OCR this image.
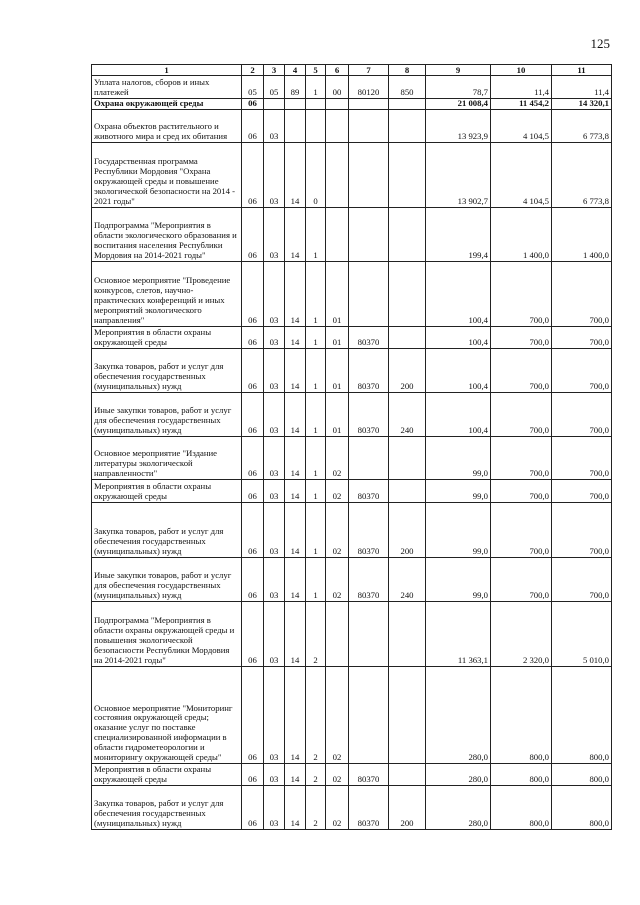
125
1	2	3	4	5	6	7	8	9	10	11
Уплата налогов, сборов и иных платежей	05	05	89	1	00	80120	850	78,7	11,4	11,4
Охрана окружающей среды	06							21 008,4	11 454,2	14 320,1
Охрана объектов растительного и животного мира и сред их обитания	06	03						13 923,9	4 104,5	6 773,8
Государственная программа Республики Мордовия "Охрана окружающей среды и повышение экологической безопасности на 2014 - 2021 годы"	06	03	14	0				13 902,7	4 104,5	6 773,8
Подпрограмма "Мероприятия в области экологического образования и воспитания населения Республики Мордовия на 2014-2021 годы"	06	03	14	1				199,4	1 400,0	1 400,0
Основное мероприятие "Проведение конкурсов, слетов, научно-практических конференций и иных мероприятий экологического направления"	06	03	14	1	01			100,4	700,0	700,0
Мероприятия в области охраны окружающей среды	06	03	14	1	01	80370		100,4	700,0	700,0
Закупка товаров, работ и услуг для обеспечения государственных (муниципальных) нужд	06	03	14	1	01	80370	200	100,4	700,0	700,0
Иные закупки товаров, работ и услуг для обеспечения государственных (муниципальных) нужд	06	03	14	1	01	80370	240	100,4	700,0	700,0
Основное мероприятие "Издание литературы экологической направленности"	06	03	14	1	02			99,0	700,0	700,0
Мероприятия в области охраны окружающей среды	06	03	14	1	02	80370		99,0	700,0	700,0
Закупка товаров, работ и услуг для обеспечения государственных (муниципальных) нужд	06	03	14	1	02	80370	200	99,0	700,0	700,0
Иные закупки товаров, работ и услуг для обеспечения государственных (муниципальных) нужд	06	03	14	1	02	80370	240	99,0	700,0	700,0
Подпрограмма "Мероприятия в области охраны окружающей среды и повышения экологической безопасности Республики Мордовия на 2014-2021 годы"	06	03	14	2				11 363,1	2 320,0	5 010,0
Основное мероприятие "Мониторинг состояния окружающей среды; оказание услуг по поставке специализированной информации в области гидрометеорологии и мониторингу окружающей среды"	06	03	14	2	02			280,0	800,0	800,0
Мероприятия в области охраны окружающей среды	06	03	14	2	02	80370		280,0	800,0	800,0
Закупка товаров, работ и услуг для обеспечения государственных (муниципальных) нужд	06	03	14	2	02	80370	200	280,0	800,0	800,0
